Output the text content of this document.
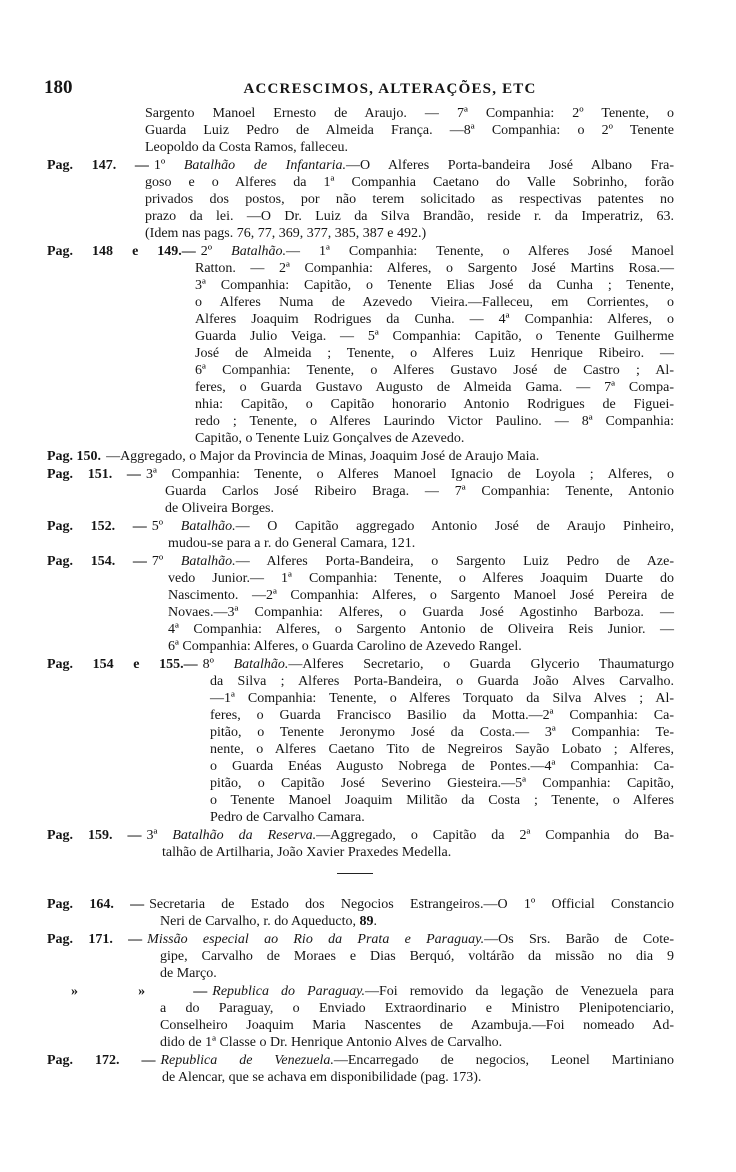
180	ACCRESCIMOS, ALTERAÇÕES, ETC
Sargento Manoel Ernesto de Araujo. — 7ª Companhia: 2º Tenente, o
Guarda Luiz Pedro de Almeida França. —8ª Companhia: o 2º Tenente
Leopoldo da Costa Ramos, falleceu.
Pag. 147. — 1º Batalhão de Infantaria.—O Alferes Porta-bandeira José Albano Fra-
goso e o Alferes da 1ª Companhia Caetano do Valle Sobrinho, forão
privados dos postos, por não terem solicitado as respectivas patentes no
prazo da lei. —O Dr. Luiz da Silva Brandão, reside r. da Imperatriz, 63.
(Idem nas pags. 76, 77, 369, 377, 385, 387 e 492.)
Pag. 148 e 149.— 2º Batalhão.— 1ª Companhia: Tenente, o Alferes José Manoel
Ratton. — 2ª Companhia: Alferes, o Sargento José Martins Rosa.—
3ª Companhia: Capitão, o Tenente Elias José da Cunha ; Tenente,
o Alferes Numa de Azevedo Vieira.—Falleceu, em Corrientes, o
Alferes Joaquim Rodrigues da Cunha. — 4ª Companhia: Alferes, o
Guarda Julio Veiga. — 5ª Companhia: Capitão, o Tenente Guilherme
José de Almeida ; Tenente, o Alferes Luiz Henrique Ribeiro. —
6ª Companhia: Tenente, o Alferes Gustavo José de Castro ; Al-
feres, o Guarda Gustavo Augusto de Almeida Gama. — 7ª Compa-
nhia: Capitão, o Capitão honorario Antonio Rodrigues de Figuei-
redo ; Tenente, o Alferes Laurindo Victor Paulino. — 8ª Companhia:
Capitão, o Tenente Luiz Gonçalves de Azevedo.
Pag. 150. —Aggregado, o Major da Provincia de Minas, Joaquim José de Araujo Maia.
Pag. 151. — 3ª Companhia: Tenente, o Alferes Manoel Ignacio de Loyola ; Alferes, o
Guarda Carlos José Ribeiro Braga. — 7ª Companhia: Tenente, Antonio
de Oliveira Borges.
Pag. 152. — 5º Batalhão.— O Capitão aggregado Antonio José de Araujo Pinheiro,
mudou-se para a r. do General Camara, 121.
Pag. 154. — 7º Batalhão.— Alferes Porta-Bandeira, o Sargento Luiz Pedro de Aze-
vedo Junior.— 1ª Companhia: Tenente, o Alferes Joaquim Duarte do
Nascimento. —2ª Companhia: Alferes, o Sargento Manoel José Pereira de
Novaes.—3ª Companhia: Alferes, o Guarda José Agostinho Barboza. —
4ª Companhia: Alferes, o Sargento Antonio de Oliveira Reis Junior. —
6ª Companhia: Alferes, o Guarda Carolino de Azevedo Rangel.
Pag. 154 e 155.— 8º Batalhão.—Alferes Secretario, o Guarda Glycerio Thaumaturgo
da Silva ; Alferes Porta-Bandeira, o Guarda João Alves Carvalho.
—1ª Companhia: Tenente, o Alferes Torquato da Silva Alves ; Al-
feres, o Guarda Francisco Basilio da Motta.—2ª Companhia: Ca-
pitão, o Tenente Jeronymo José da Costa.— 3ª Companhia: Te-
nente, o Alferes Caetano Tito de Negreiros Sayão Lobato ; Alferes,
o Guarda Enéas Augusto Nobrega de Pontes.—4ª Companhia: Ca-
pitão, o Capitão José Severino Giesteira.—5ª Companhia: Capitão,
o Tenente Manoel Joaquim Militão da Costa ; Tenente, o Alferes
Pedro de Carvalho Camara.
Pag. 159. — 3ª Batalhão da Reserva.—Aggregado, o Capitão da 2ª Companhia do Ba-
talhão de Artilharia, João Xavier Praxedes Medella.
Pag. 164. — Secretaria de Estado dos Negocios Estrangeiros.—O 1º Official Constancio
Neri de Carvalho, r. do Aqueducto, 89.
Pag. 171. — Missão especial ao Rio da Prata e Paraguay.—Os Srs. Barão de Cote-
gipe, Carvalho de Moraes e Dias Berquó, voltárão da missão no dia 9
de Março.
»     »    — Republica do Paraguay.—Foi removido da legação de Venezuela para
a do Paraguay, o Enviado Extraordinario e Ministro Plenipotenciario,
Conselheiro Joaquim Maria Nascentes de Azambuja.—Foi nomeado Ad-
dido de 1ª Classe o Dr. Henrique Antonio Alves de Carvalho.
Pag. 172. — Republica de Venezuela.—Encarregado de negocios, Leonel Martiniano
de Alencar, que se achava em disponibilidade (pag. 173).
